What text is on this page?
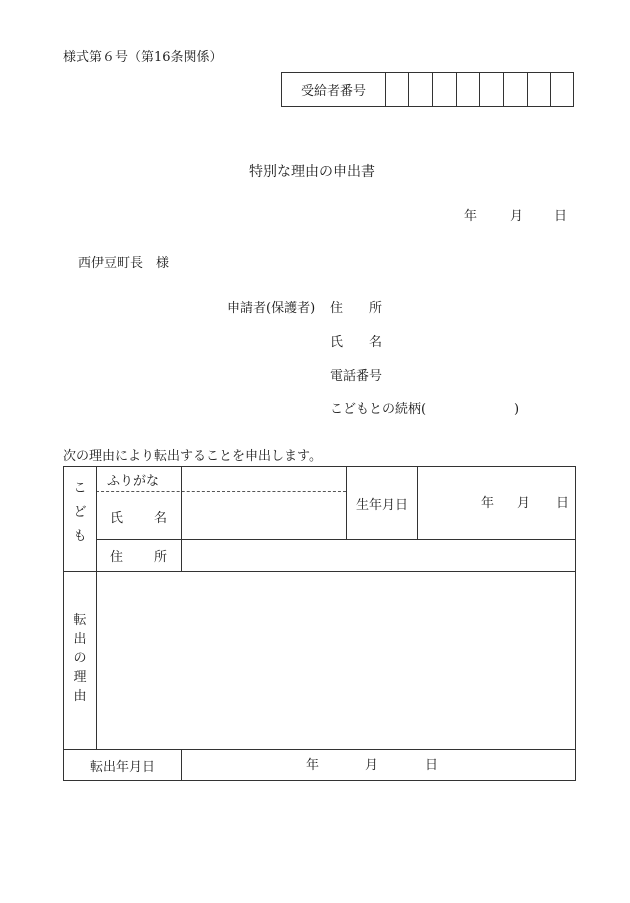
様式第６号（第16条関係）
受給者番号
特別な理由の申出書
年	月 日
西伊豆町長　様
申請者(保護者) 住　　所
氏　　名
電話番号
こどもとの続柄(	)
次の理由により転出することを申出します。
こ
ど
も
ふりがな
氏 名
生年月日	年 月 日
住 所
転
出
の
理
由
転出年月日	年	月	日
